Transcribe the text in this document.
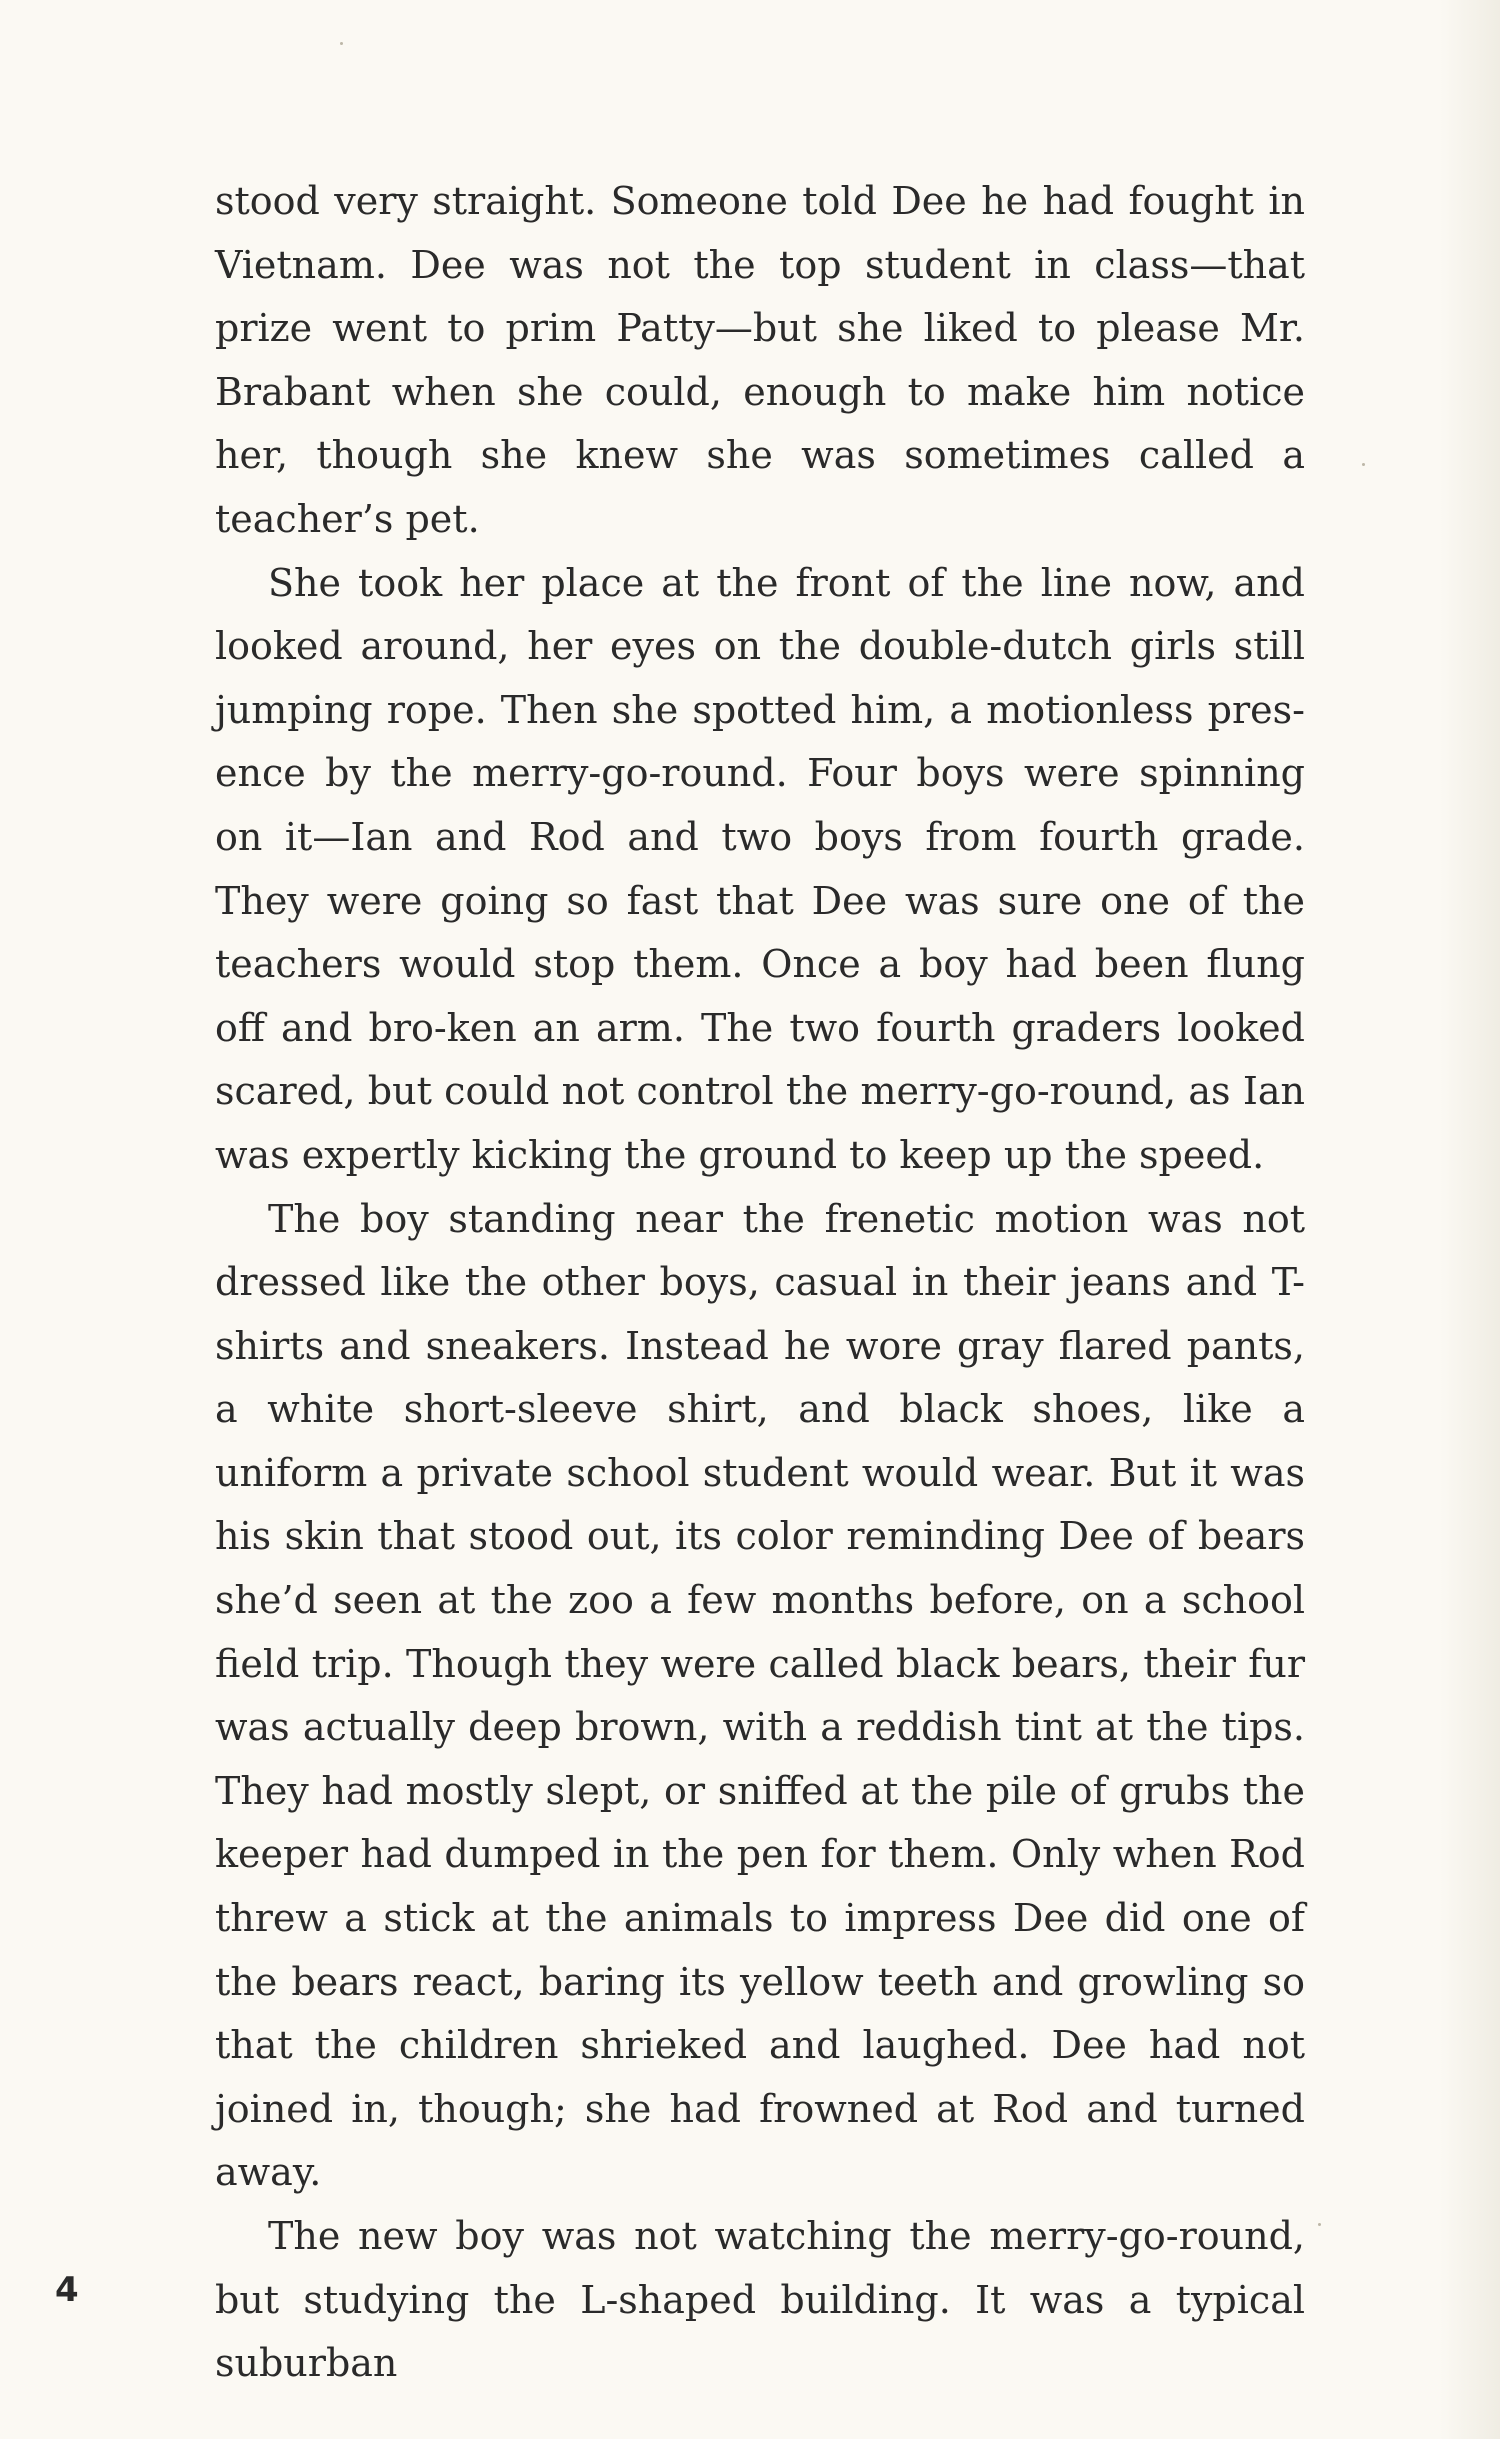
stood very straight. Someone told Dee he had fought in Vietnam. Dee was not the top student in class—that prize went to prim Patty—but she liked to please Mr. Brabant when she could, enough to make him notice her, though she knew she was sometimes called a teacher’s pet.

She took her place at the front of the line now, and looked around, her eyes on the double-dutch girls still jumping rope. Then she spotted him, a motionless pres-ence by the merry-go-round. Four boys were spinning on it—Ian and Rod and two boys from fourth grade. They were going so fast that Dee was sure one of the teachers would stop them. Once a boy had been flung off and bro-ken an arm. The two fourth graders looked scared, but could not control the merry-go-round, as Ian was expertly kicking the ground to keep up the speed.

The boy standing near the frenetic motion was not dressed like the other boys, casual in their jeans and T-shirts and sneakers. Instead he wore gray flared pants, a white short-sleeve shirt, and black shoes, like a uniform a private school student would wear. But it was his skin that stood out, its color reminding Dee of bears she’d seen at the zoo a few months before, on a school field trip. Though they were called black bears, their fur was actually deep brown, with a reddish tint at the tips. They had mostly slept, or sniffed at the pile of grubs the keeper had dumped in the pen for them. Only when Rod threw a stick at the animals to impress Dee did one of the bears react, baring its yellow teeth and growling so that the children shrieked and laughed. Dee had not joined in, though; she had frowned at Rod and turned away.

The new boy was not watching the merry-go-round, but studying the L-shaped building. It was a typical suburban

4
